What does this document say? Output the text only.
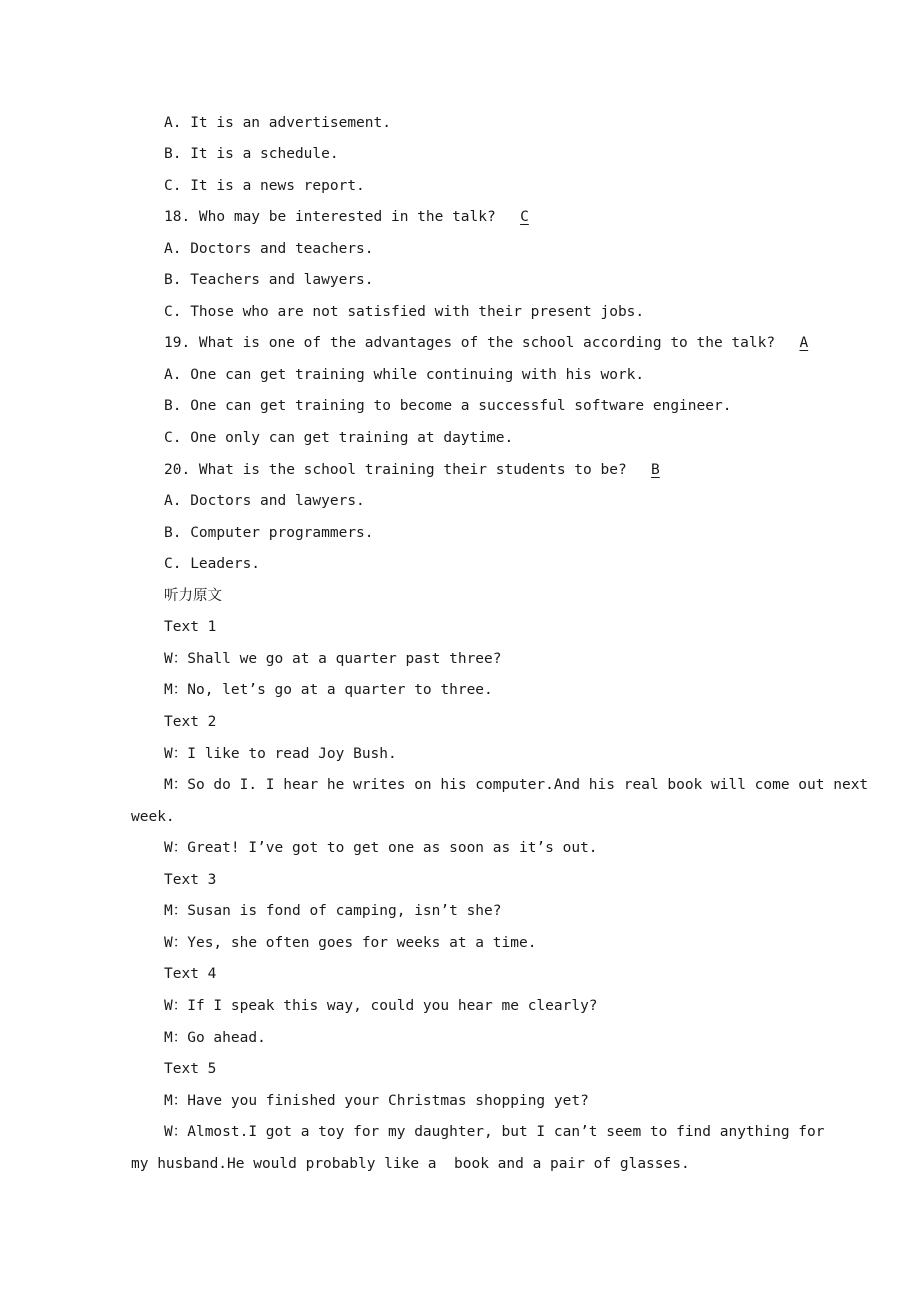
A. It is an advertisement.
B. It is a schedule.
C. It is a news report.
18. Who may be interested in the talk? C
A. Doctors and teachers.
B. Teachers and lawyers.
C. Those who are not satisfied with their present jobs.
19. What is one of the advantages of the school according to the talk? A
A. One can get training while continuing with his work.
B. One can get training to become a successful software engineer.
C. One only can get training at daytime.
20. What is the school training their students to be? B
A. Doctors and lawyers.
B. Computer programmers.
C. Leaders.
听力原文
Text 1
W：Shall we go at a quarter past three?
M：No, let’s go at a quarter to three.
Text 2
W：I like to read Joy Bush.
M：So do I. I hear he writes on his computer.And his real book will come out next
week.
W：Great! I’ve got to get one as soon as it’s out.
Text 3
M：Susan is fond of camping, isn’t she?
W：Yes, she often goes for weeks at a time.
Text 4
W：If I speak this way, could you hear me clearly?
M：Go ahead.
Text 5
M：Have you finished your Christmas shopping yet?
W：Almost.I got a toy for my daughter, but I can’t seem to find anything for
my husband.He would probably like a  book and a pair of glasses.
